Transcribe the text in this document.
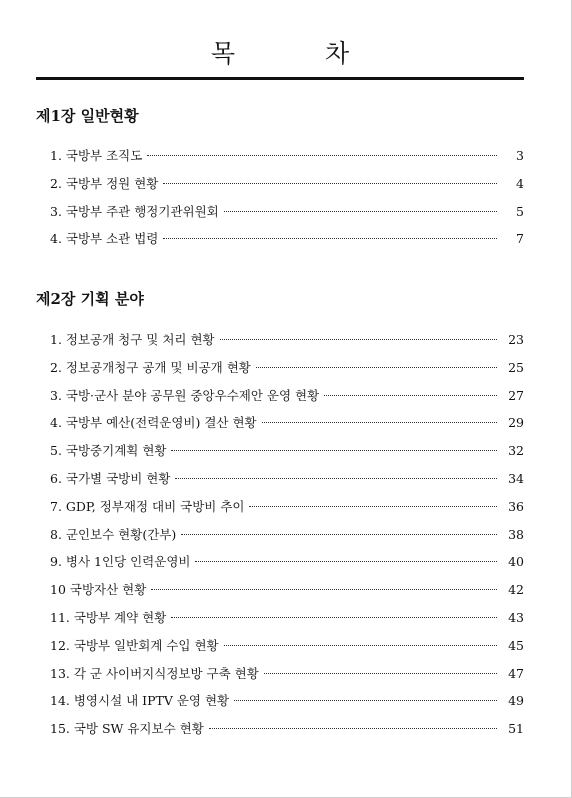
목	차
제1장 일반현황
1. 국방부 조직도	3
2. 국방부 정원 현황	4
3. 국방부 주관 행정기관위원회	5
4. 국방부 소관 법령	7
제2장 기획 분야
1. 정보공개 청구 및 처리 현황	23
2. 정보공개청구 공개 및 비공개 현황	25
3. 국방·군사 분야 공무원 중앙우수제안 운영 현황	27
4. 국방부 예산(전력운영비) 결산 현황	29
5. 국방중기계획 현황	32
6. 국가별 국방비 현황	34
7. GDP, 정부재정 대비 국방비 추이	36
8. 군인보수 현황(간부)	38
9. 병사 1인당 인력운영비	40
10 국방자산 현황	42
11. 국방부 계약 현황	43
12. 국방부 일반회계 수입 현황	45
13. 각 군 사이버지식정보방 구축 현황	47
14. 병영시설 내 IPTV 운영 현황	49
15. 국방 SW 유지보수 현황	51
